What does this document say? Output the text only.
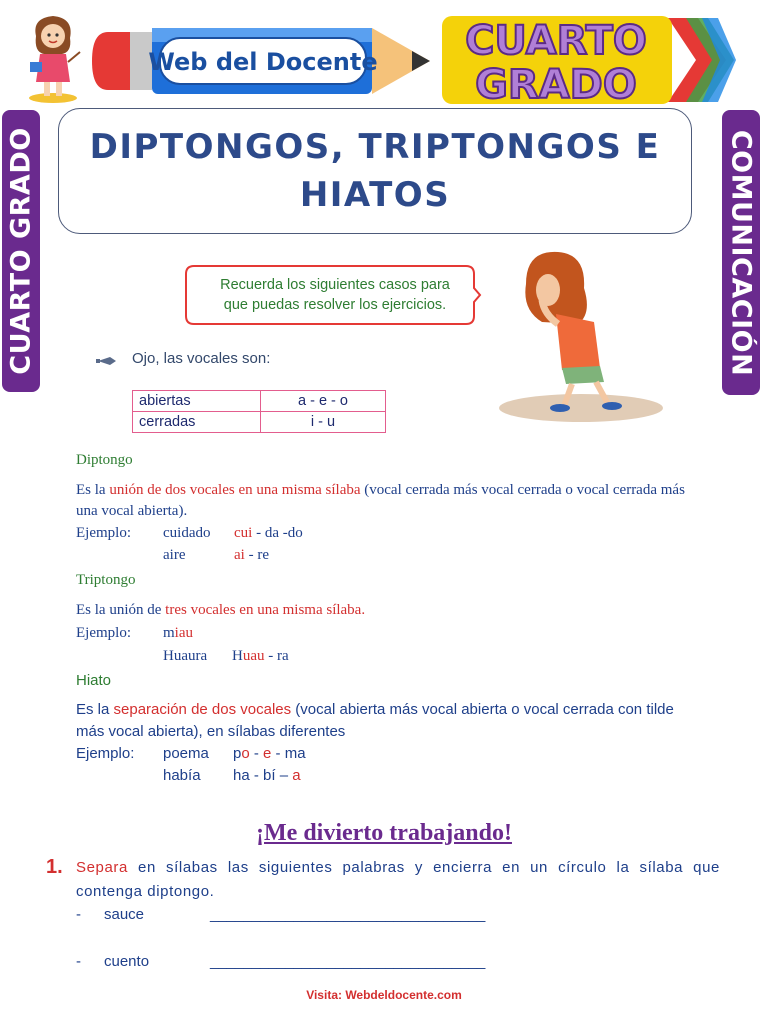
Web del Docente CUARTO
GRADO
CUARTO GRADO	COMUNICACIÓN
DIPTONGOS, TRIPTONGOS E HIATOS
Recuerda los siguientes casos para
que puedas resolver los ejercicios.
Ojo, las vocales son:
abiertas	a - e - o
cerradas	i - u
Diptongo
Es la unión de dos vocales en una misma sílaba (vocal cerrada más vocal cerrada o vocal cerrada más una vocal abierta).
Ejemplo: cuidado cui - da -do
aire	ai - re
Triptongo
Es la unión de tres vocales en una misma sílaba.
Ejemplo: miau
Huaura Huau - ra
Hiato
Es la separación de dos vocales (vocal abierta más vocal abierta o vocal cerrada con tilde más vocal abierta), en sílabas diferentes
Ejemplo: poema po - e - ma
había ha - bí – a
¡Me divierto trabajando!
1. Separa en sílabas las siguientes palabras y encierra en un círculo la sílaba que contenga diptongo.
- sauce	_________________________________
- cuento	_________________________________
Visita: Webdeldocente.com
